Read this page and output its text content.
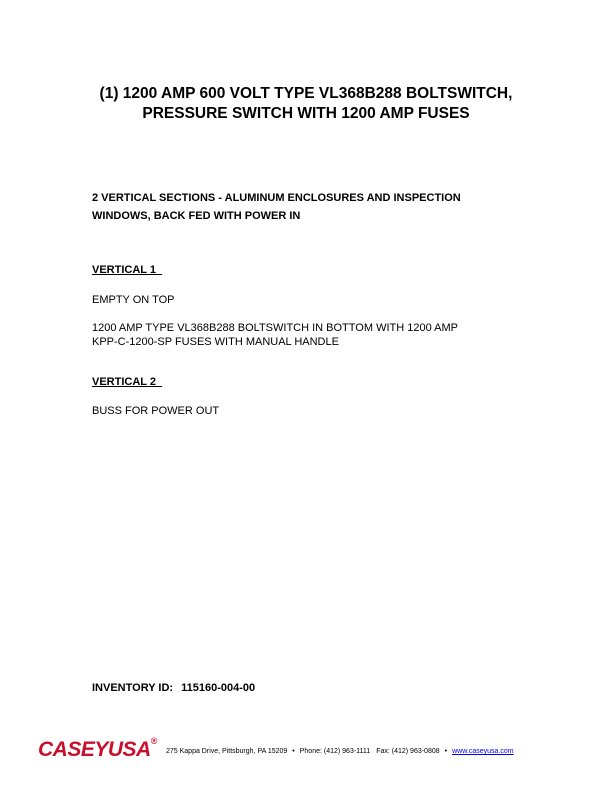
(1) 1200 AMP 600 VOLT TYPE VL368B288 BOLTSWITCH,
PRESSURE SWITCH WITH 1200 AMP FUSES
2 VERTICAL SECTIONS - ALUMINUM ENCLOSURES AND INSPECTION
WINDOWS, BACK FED WITH POWER IN
VERTICAL 1
EMPTY ON TOP
1200 AMP TYPE VL368B288 BOLTSWITCH IN BOTTOM WITH 1200 AMP
KPP-C-1200-SP FUSES WITH MANUAL HANDLE
VERTICAL 2
BUSS FOR POWER OUT
INVENTORY ID: 115160-004-00
CASEYUSA®
275 Kappa Drive, Pittsburgh, PA 15209 • Phone: (412) 963-1111 Fax: (412) 963-0808 • www.caseyusa.com
